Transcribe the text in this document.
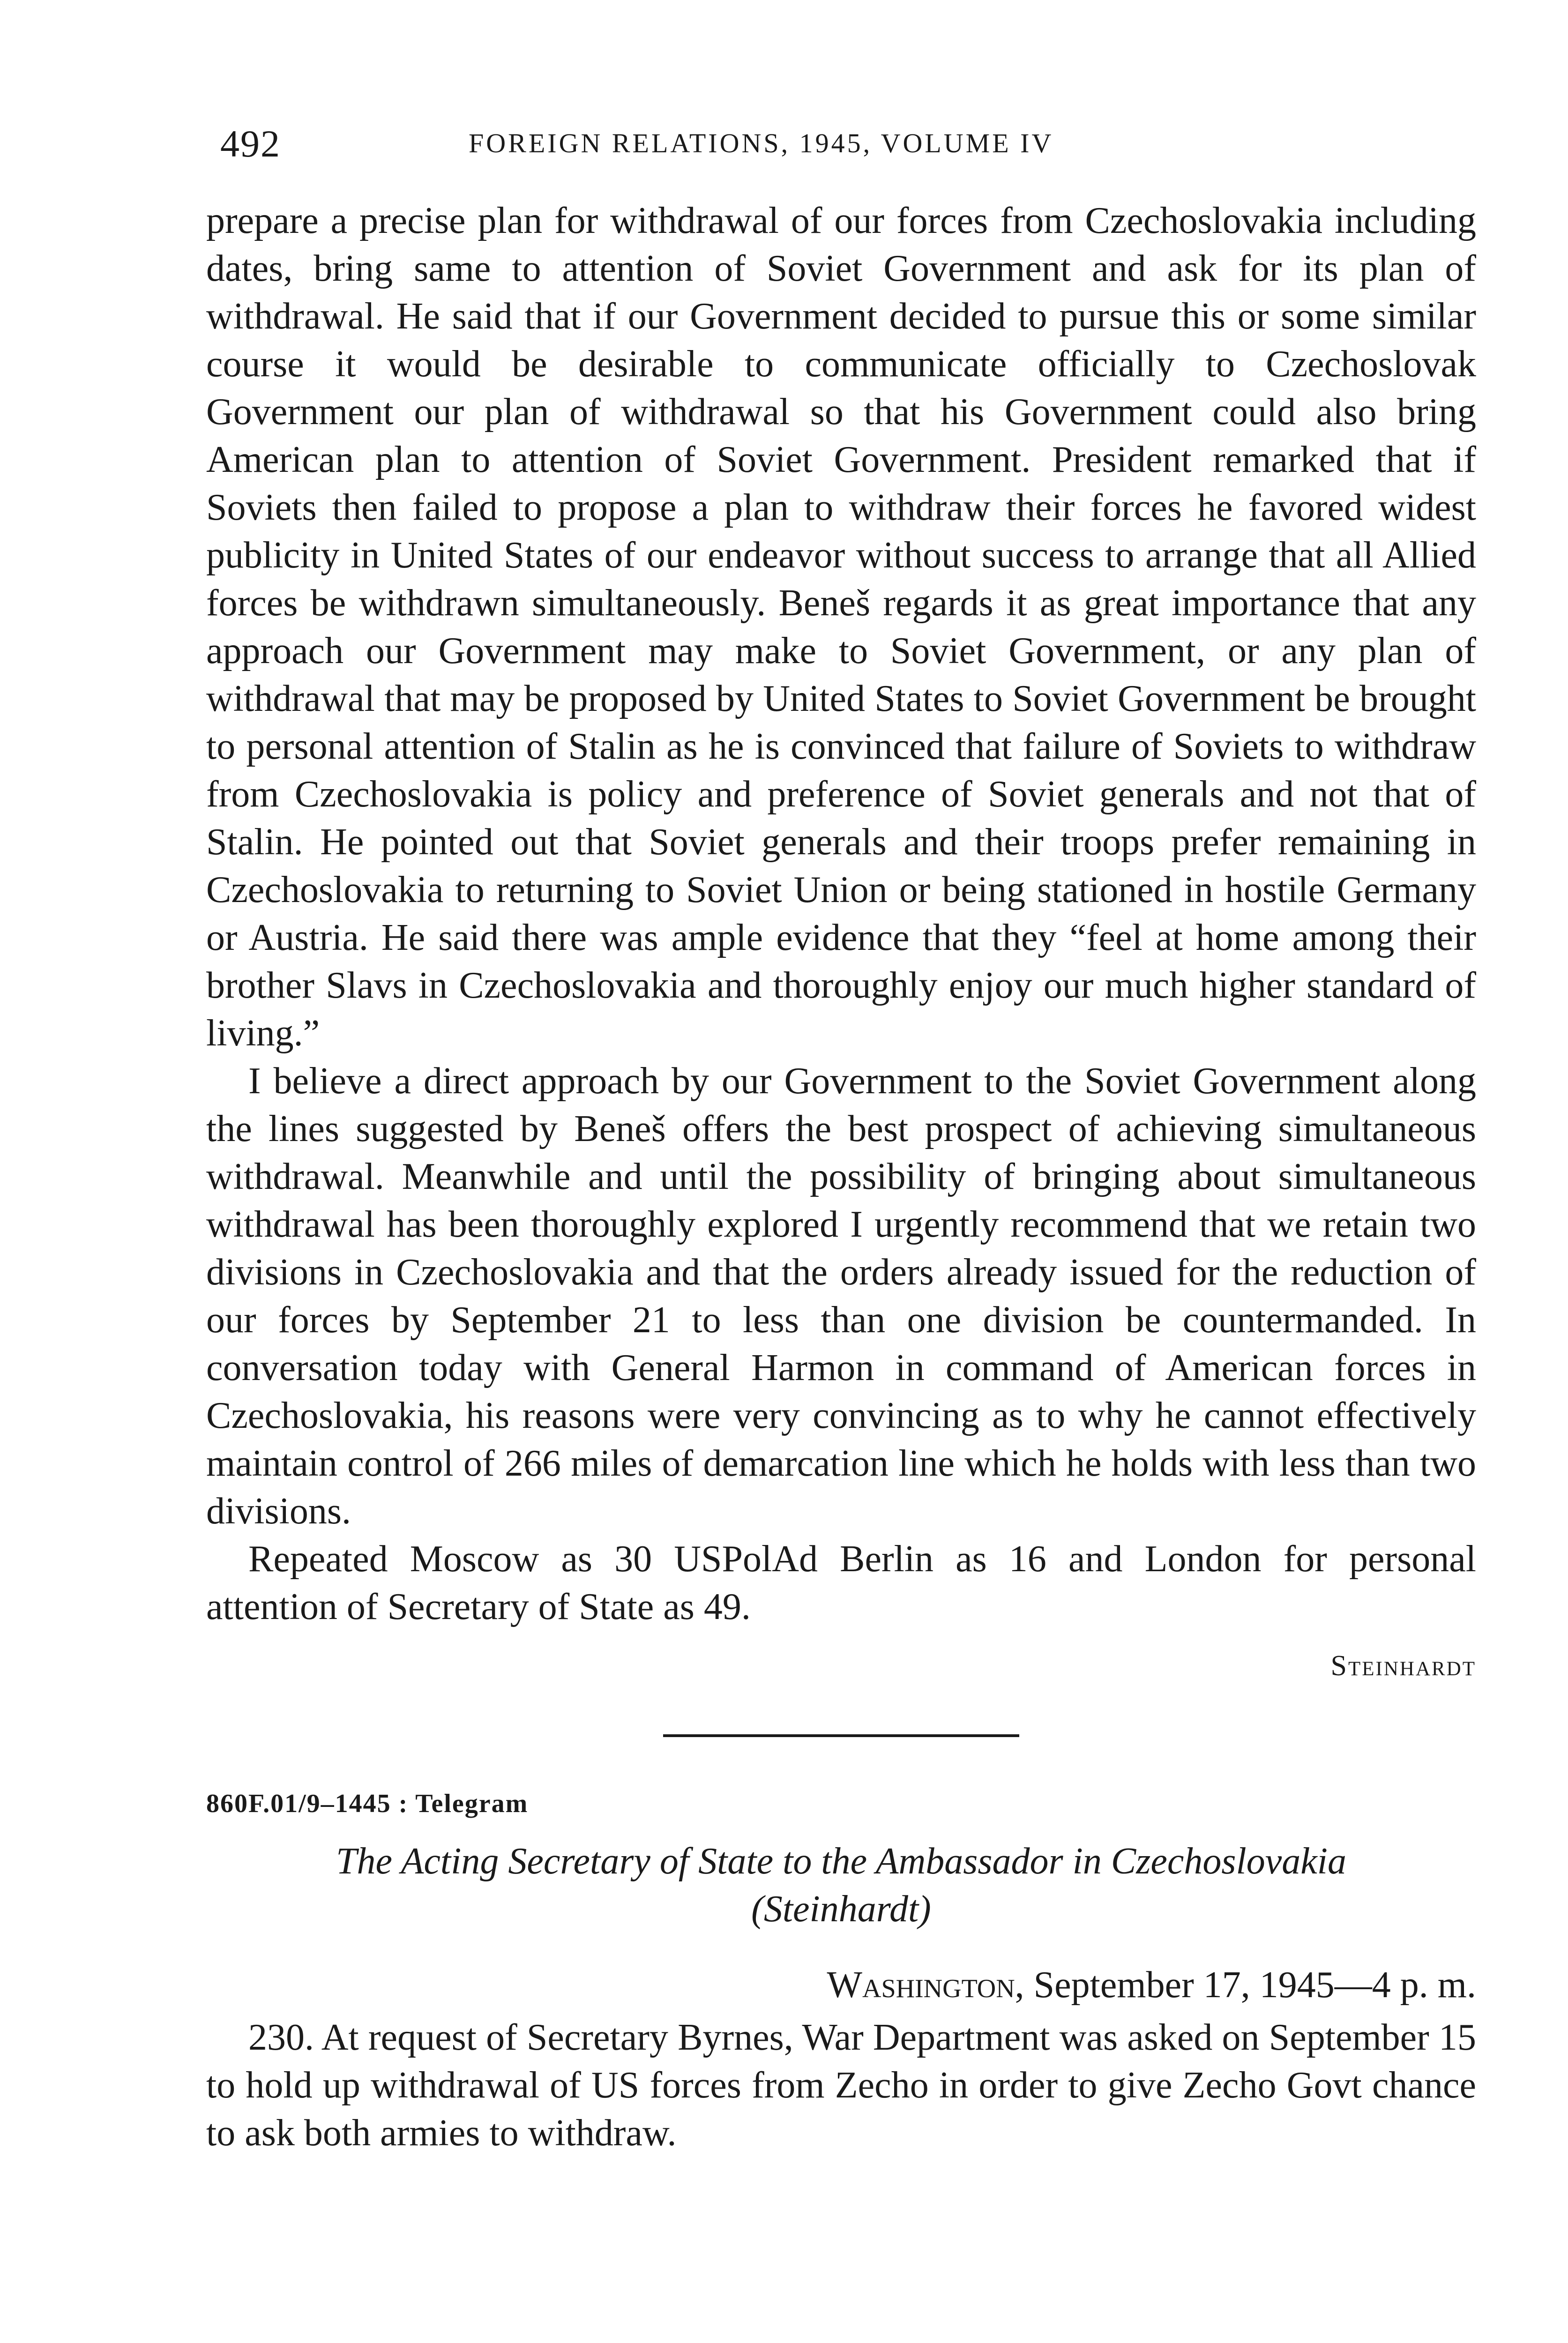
492	FOREIGN RELATIONS, 1945, VOLUME IV

prepare a precise plan for withdrawal of our forces from Czechoslovakia including dates, bring same to attention of Soviet Government and ask for its plan of withdrawal. He said that if our Government decided to pursue this or some similar course it would be desirable to communicate officially to Czechoslovak Government our plan of withdrawal so that his Government could also bring American plan to attention of Soviet Government. President remarked that if Soviets then failed to propose a plan to withdraw their forces he favored widest publicity in United States of our endeavor without success to arrange that all Allied forces be withdrawn simultaneously. Beneš regards it as great importance that any approach our Government may make to Soviet Government, or any plan of withdrawal that may be proposed by United States to Soviet Government be brought to personal attention of Stalin as he is convinced that failure of Soviets to withdraw from Czechoslovakia is policy and preference of Soviet generals and not that of Stalin. He pointed out that Soviet generals and their troops prefer remaining in Czechoslovakia to returning to Soviet Union or being stationed in hostile Germany or Austria. He said there was ample evidence that they “feel at home among their brother Slavs in Czechoslovakia and thoroughly enjoy our much higher standard of living.”

I believe a direct approach by our Government to the Soviet Government along the lines suggested by Beneš offers the best prospect of achieving simultaneous withdrawal. Meanwhile and until the possibility of bringing about simultaneous withdrawal has been thoroughly explored I urgently recommend that we retain two divisions in Czechoslovakia and that the orders already issued for the reduction of our forces by September 21 to less than one division be countermanded. In conversation today with General Harmon in command of American forces in Czechoslovakia, his reasons were very convincing as to why he cannot effectively maintain control of 266 miles of demarcation line which he holds with less than two divisions.

Repeated Moscow as 30 USPolAd Berlin as 16 and London for personal attention of Secretary of State as 49.

Steinhardt
860F.01/9–1445 : Telegram
The Acting Secretary of State to the Ambassador in Czechoslovakia
(Steinhardt)
Washington, September 17, 1945—4 p. m.

230. At request of Secretary Byrnes, War Department was asked on September 15 to hold up withdrawal of US forces from Zecho in order to give Zecho Govt chance to ask both armies to withdraw.
